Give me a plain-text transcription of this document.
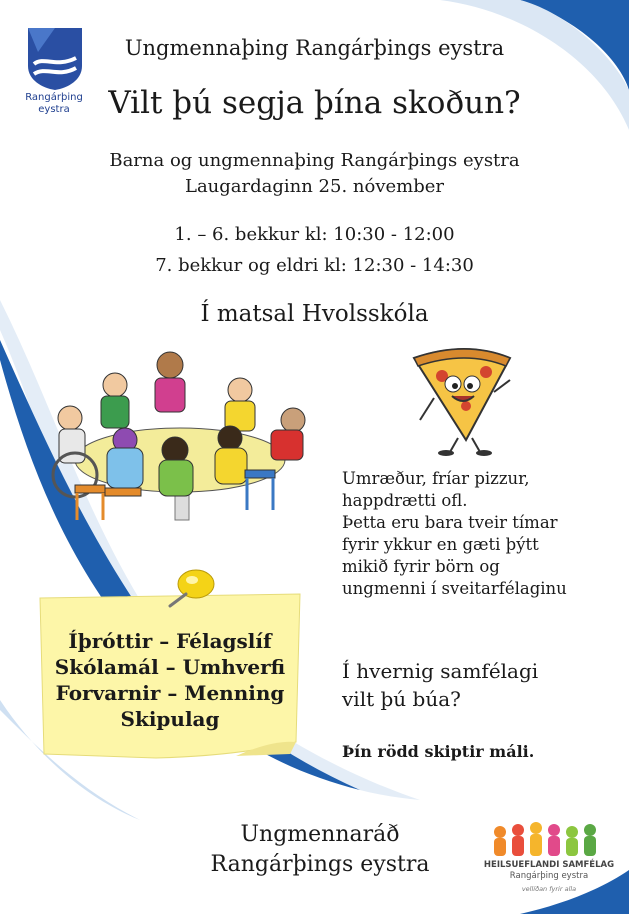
Rangárþing
eystra
Ungmennaþing Rangárþings eystra
Vilt þú segja þína skoðun?
Barna og ungmennaþing Rangárþings eystra
Laugardaginn 25. nóvember
1. – 6. bekkur kl: 10:30 - 12:00
7. bekkur og eldri kl: 12:30 - 14:30
Í matsal Hvolsskóla
Umræður, fríar pizzur,
happdrætti ofl.
Þetta eru bara tveir tímar
fyrir ykkur en gæti þýtt
mikið fyrir börn og
ungmenni í sveitarfélaginu
Í hvernig samfélagi
vilt þú búa?
Þín rödd skiptir máli.
Íþróttir – Félagslíf
Skólamál – Umhverfi
Forvarnir – Menning
Skipulag
Ungmennaráð
Rangárþings eystra	HEILSUEFLANDI SAMFÉLAG
Rangárþing eystra
vellíðan fyrir alla
